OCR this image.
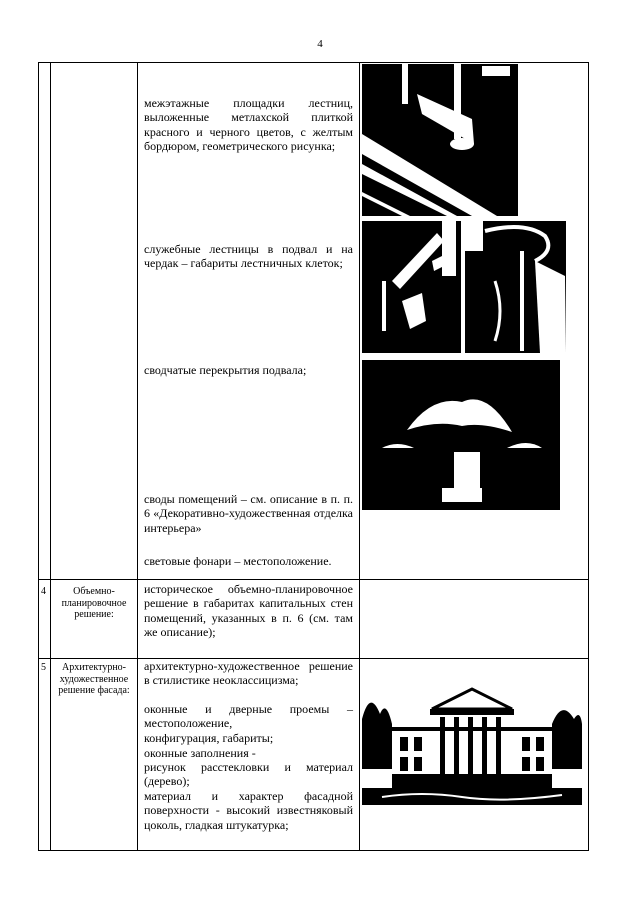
4
межэтажные площадки лестниц, выложенные метлахской плиткой красного и черного цветов, с желтым бордюром, геометрического рисунка;
служебные лестницы в подвал и на чердак – габариты лестничных клеток;
сводчатые перекрытия подвала;
своды помещений – см. описание в п. п. 6 «Декоративно-художественная отделка интерьера»
световые фонари – местоположение.
4	Объемно-планировочное решение:
историческое объемно-планировочное решение в габаритах капитальных стен помещений, указанных в п. 6 (см. там же описание);
5	Архитектурно-художественное решение фасада:
архитектурно-художественное решение в стилистике неоклассицизма;
оконные и дверные проемы – местоположение,
конфигурация, габариты;
оконные заполнения -
рисунок расстекловки и материал (дерево);
материал и характер фасадной поверхности - высокий известняковый цоколь, гладкая штукатурка;
